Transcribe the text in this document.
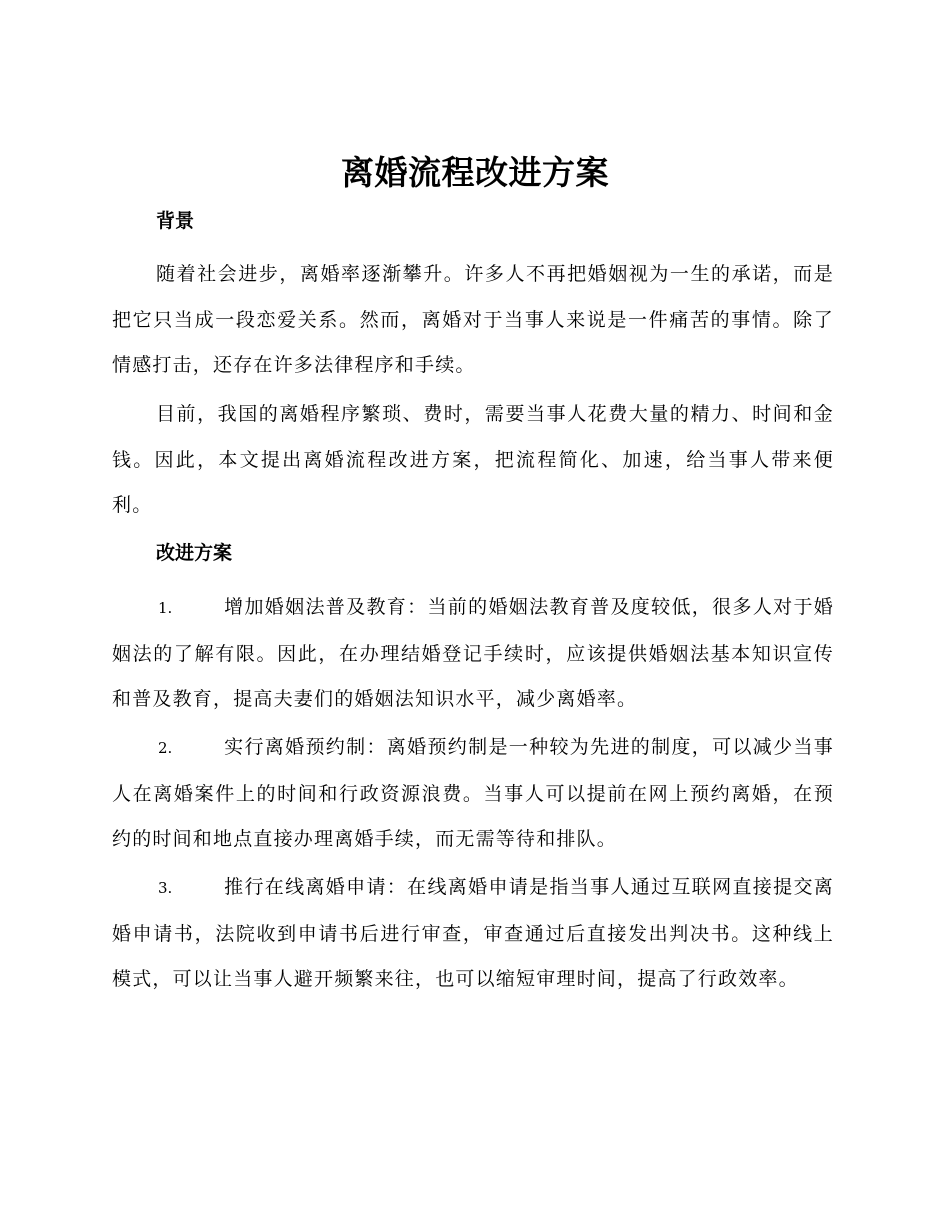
离婚流程改进方案
背景

随着社会进步，离婚率逐渐攀升。许多人不再把婚姻视为一生的承诺，而是把它只当成一段恋爱关系。然而，离婚对于当事人来说是一件痛苦的事情。除了情感打击，还存在许多法律程序和手续。

目前，我国的离婚程序繁琐、费时，需要当事人花费大量的精力、时间和金钱。因此，本文提出离婚流程改进方案，把流程简化、加速，给当事人带来便利。

改进方案

1.	增加婚姻法普及教育：当前的婚姻法教育普及度较低，很多人对于婚姻法的了解有限。因此，在办理结婚登记手续时，应该提供婚姻法基本知识宣传和普及教育，提高夫妻们的婚姻法知识水平，减少离婚率。

2.	实行离婚预约制：离婚预约制是一种较为先进的制度，可以减少当事人在离婚案件上的时间和行政资源浪费。当事人可以提前在网上预约离婚，在预约的时间和地点直接办理离婚手续，而无需等待和排队。

3.	推行在线离婚申请：在线离婚申请是指当事人通过互联网直接提交离婚申请书，法院收到申请书后进行审查，审查通过后直接发出判决书。这种线上模式，可以让当事人避开频繁来往，也可以缩短审理时间，提高了行政效率。
